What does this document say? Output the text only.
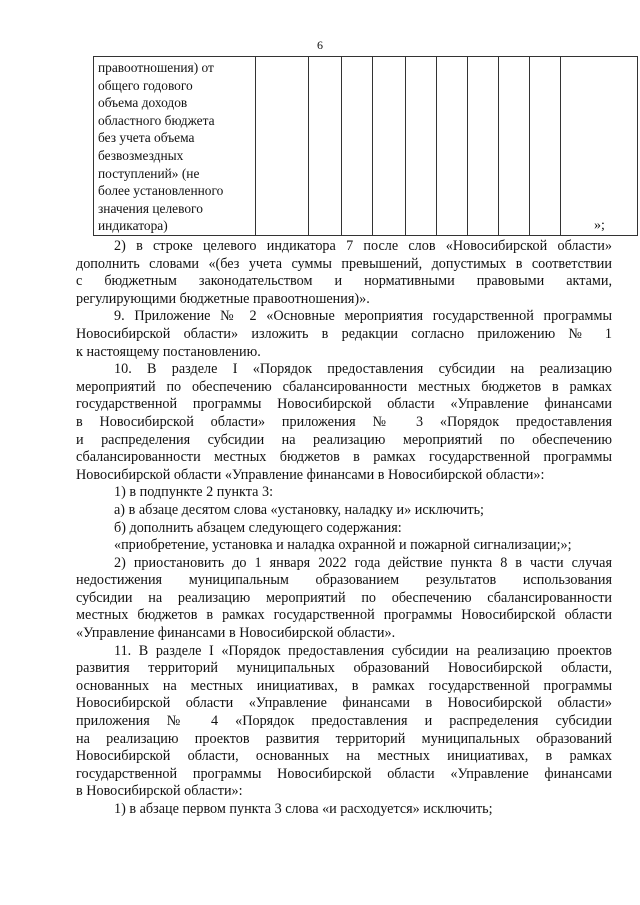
6
правоотношения) от
общего годового
объема доходов
областного бюджета
без учета объема
безвозмездных
поступлений» (не
более установленного
значения целевого
индикатора)
											»;

2) в строке целевого индикатора 7 после слов «Новосибирской области»

дополнить словами «(без учета суммы превышений, допустимых в соответствии

с бюджетным законодательством и нормативными правовыми актами,

регулирующими бюджетные правоотношения)».

9. Приложение № 2 «Основные мероприятия государственной программы

Новосибирской области» изложить в редакции согласно приложению № 1

к настоящему постановлению.

10. В разделе I «Порядок предоставления субсидии на реализацию

мероприятий по обеспечению сбалансированности местных бюджетов в рамках

государственной программы Новосибирской области «Управление финансами

в Новосибирской области» приложения № 3 «Порядок предоставления

и распределения субсидии на реализацию мероприятий по обеспечению

сбалансированности местных бюджетов в рамках государственной программы

Новосибирской области «Управление финансами в Новосибирской области»:

1) в подпункте 2 пункта 3:

а) в абзаце десятом слова «установку, наладку и» исключить;

б) дополнить абзацем следующего содержания:

«приобретение, установка и наладка охранной и пожарной сигнализации;»;

2) приостановить до 1 января 2022 года действие пункта 8 в части случая

недостижения муниципальным образованием результатов использования

субсидии на реализацию мероприятий по обеспечению сбалансированности

местных бюджетов в рамках государственной программы Новосибирской области

«Управление финансами в Новосибирской области».

11. В разделе I «Порядок предоставления субсидии на реализацию проектов

развития территорий муниципальных образований Новосибирской области,

основанных на местных инициативах, в рамках государственной программы

Новосибирской области «Управление финансами в Новосибирской области»

приложения № 4 «Порядок предоставления и распределения субсидии

на реализацию проектов развития территорий муниципальных образований

Новосибирской области, основанных на местных инициативах, в рамках

государственной программы Новосибирской области «Управление финансами

в Новосибирской области»:

1) в абзаце первом пункта 3 слова «и расходуется» исключить;
